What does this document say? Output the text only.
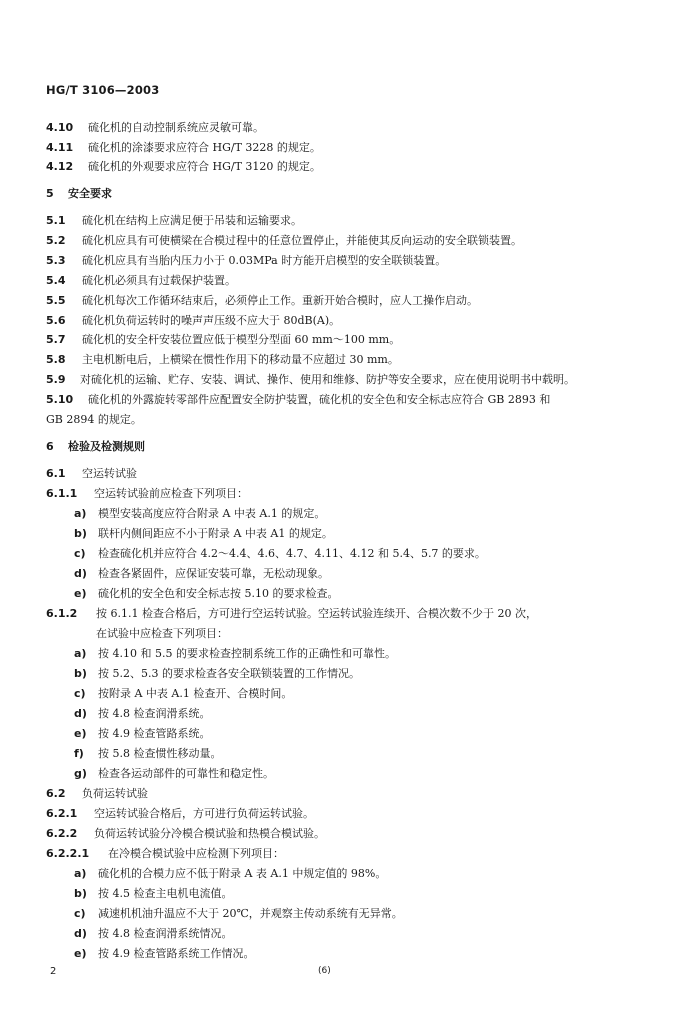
HG/T 3106—2003
4.10 硫化机的自动控制系统应灵敏可靠。
4.11 硫化机的涂漆要求应符合 HG/T 3228 的规定。
4.12 硫化机的外观要求应符合 HG/T 3120 的规定。
5 安全要求
5.1 硫化机在结构上应满足便于吊装和运输要求。
5.2 硫化机应具有可使横梁在合模过程中的任意位置停止，并能使其反向运动的安全联锁装置。
5.3 硫化机应具有当胎内压力小于 0.03MPa 时方能开启模型的安全联锁装置。
5.4 硫化机必须具有过载保护装置。
5.5 硫化机每次工作循环结束后，必须停止工作。重新开始合模时，应人工操作启动。
5.6 硫化机负荷运转时的噪声声压级不应大于 80dB(A)。
5.7 硫化机的安全杆安装位置应低于模型分型面 60 mm～100 mm。
5.8 主电机断电后，上横梁在惯性作用下的移动量不应超过 30 mm。
5.9 对硫化机的运输、贮存、安装、调试、操作、使用和维修、防护等安全要求，应在使用说明书中载明。
5.10 硫化机的外露旋转零部件应配置安全防护装置，硫化机的安全色和安全标志应符合 GB 2893 和
GB 2894 的规定。
6 检验及检测规则
6.1 空运转试验
6.1.1 空运转试验前应检查下列项目：
a) 模型安装高度应符合附录 A 中表 A.1 的规定。
b) 联杆内侧间距应不小于附录 A 中表 A1 的规定。
c) 检查硫化机并应符合 4.2～4.4、4.6、4.7、4.11、4.12 和 5.4、5.7 的要求。
d) 检查各紧固件，应保证安装可靠，无松动现象。
e) 硫化机的安全色和安全标志按 5.10 的要求检查。
6.1.2 按 6.1.1 检查合格后，方可进行空运转试验。空运转试验连续开、合模次数不少于 20 次，
在试验中应检查下列项目：
a) 按 4.10 和 5.5 的要求检查控制系统工作的正确性和可靠性。
b) 按 5.2、5.3 的要求检查各安全联锁装置的工作情况。
c) 按附录 A 中表 A.1 检查开、合模时间。
d) 按 4.8 检查润滑系统。
e) 按 4.9 检查管路系统。
f) 按 5.8 检查惯性移动量。
g) 检查各运动部件的可靠性和稳定性。
6.2 负荷运转试验
6.2.1 空运转试验合格后，方可进行负荷运转试验。
6.2.2 负荷运转试验分冷模合模试验和热模合模试验。
6.2.2.1 在冷模合模试验中应检测下列项目：
a) 硫化机的合模力应不低于附录 A 表 A.1 中规定值的 98%。
b) 按 4.5 检查主电机电流值。
c) 减速机机油升温应不大于 20℃，并观察主传动系统有无异常。
d) 按 4.8 检查润滑系统情况。
e) 按 4.9 检查管路系统工作情况。
2	(6)
